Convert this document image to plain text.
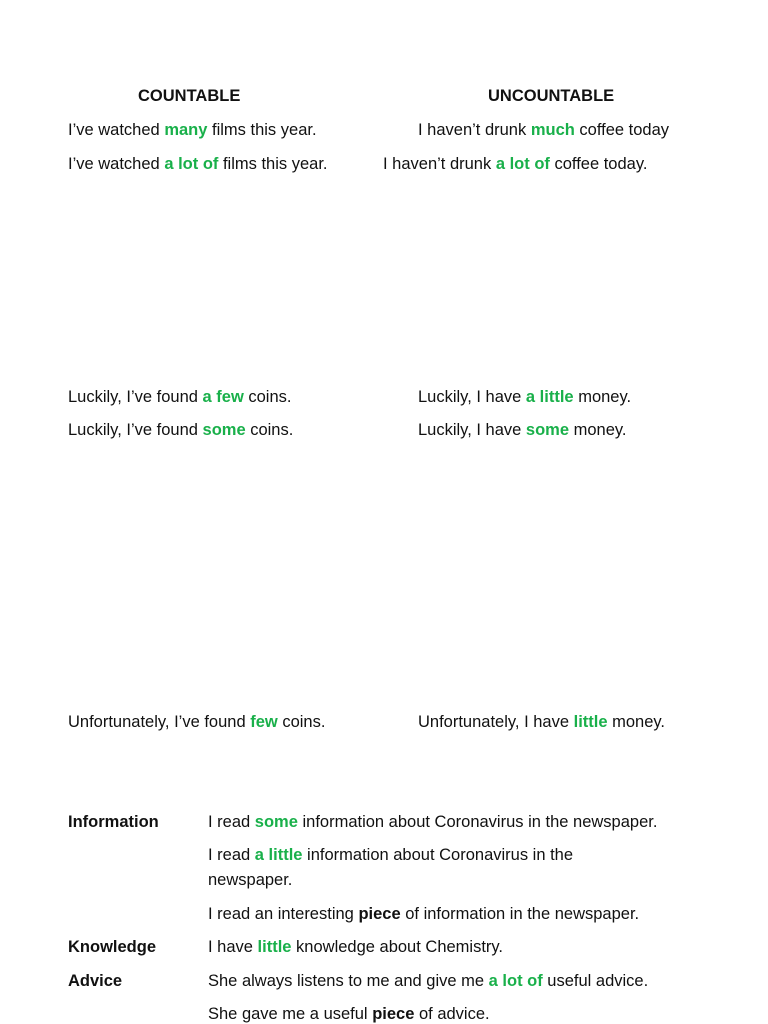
COUNTABLE	UNCOUNTABLE
I’ve watched many films this year.	I haven’t drunk much coffee today
I’ve watched a lot of films this year.	I haven’t drunk a lot of coffee today.
Luckily, I’ve found a few coins.	Luckily, I have a little money.
Luckily, I’ve found some coins.	Luckily, I have some money.
Unfortunately, I’ve found few coins.	Unfortunately, I have little money.
Information	I read some information about Coronavirus in the newspaper.
I read a little information about Coronavirus in the
newspaper.
I read an interesting piece of information in the newspaper.
Knowledge	I have little knowledge about Chemistry.
Advice	She always listens to me and give me a lot of useful advice.
She gave me a useful piece of advice.
